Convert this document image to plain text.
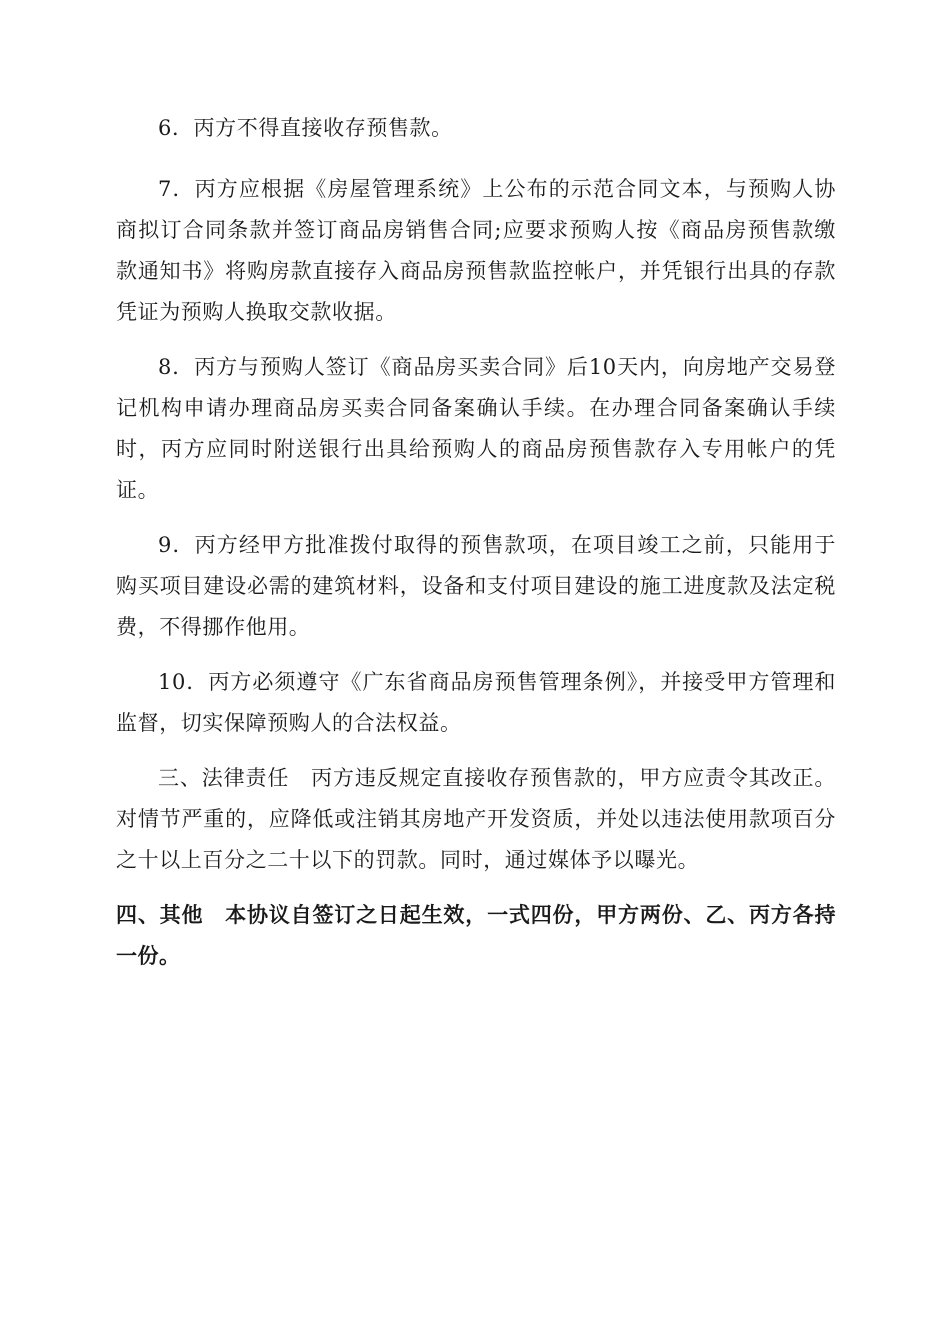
6．丙方不得直接收存预售款。

7．丙方应根据《房屋管理系统》上公布的示范合同文本，与预购人协商拟订合同条款并签订商品房销售合同;应要求预购人按《商品房预售款缴款通知书》将购房款直接存入商品房预售款监控帐户，并凭银行出具的存款凭证为预购人换取交款收据。

8．丙方与预购人签订《商品房买卖合同》后10天内，向房地产交易登记机构申请办理商品房买卖合同备案确认手续。在办理合同备案确认手续时，丙方应同时附送银行出具给预购人的商品房预售款存入专用帐户的凭证。

9．丙方经甲方批准拨付取得的预售款项，在项目竣工之前，只能用于购买项目建设必需的建筑材料，设备和支付项目建设的施工进度款及法定税费，不得挪作他用。

10．丙方必须遵守《广东省商品房预售管理条例》，并接受甲方管理和监督，切实保障预购人的合法权益。

三、法律责任　丙方违反规定直接收存预售款的，甲方应责令其改正。对情节严重的，应降低或注销其房地产开发资质，并处以违法使用款项百分之十以上百分之二十以下的罚款。同时，通过媒体予以曝光。

四、其他　本协议自签订之日起生效，一式四份，甲方两份、乙、丙方各持一份。
